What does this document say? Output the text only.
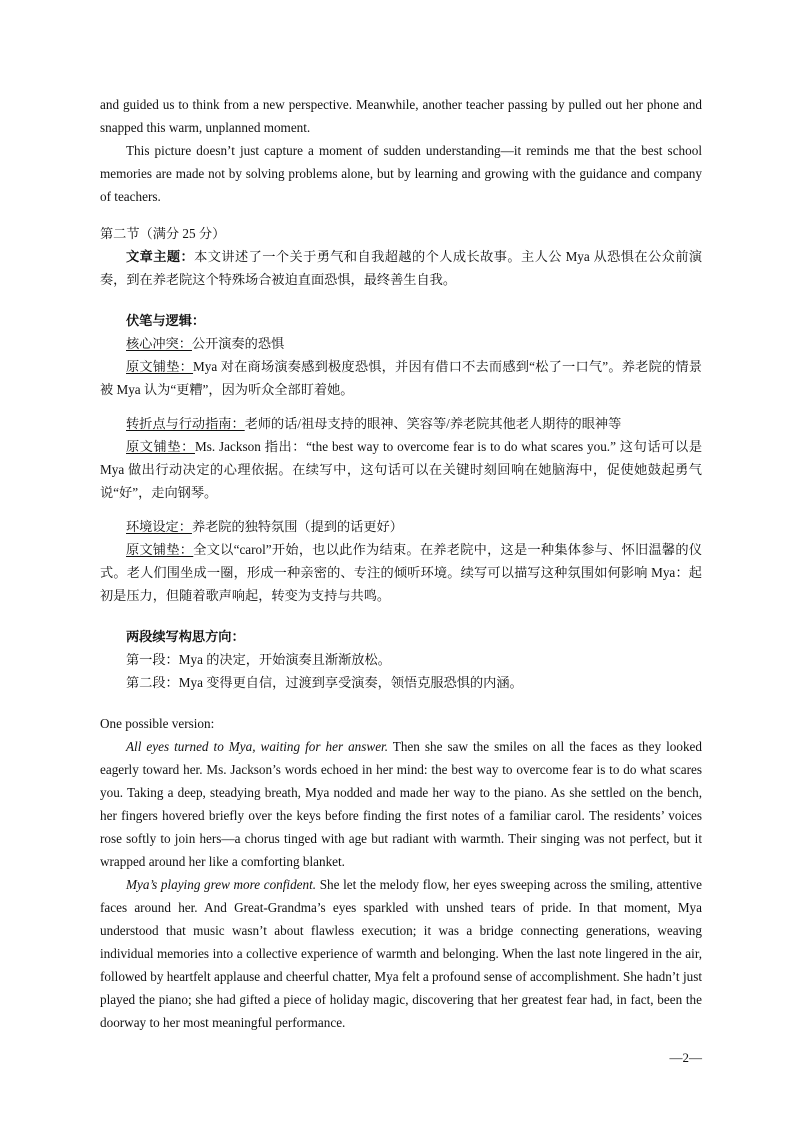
and guided us to think from a new perspective. Meanwhile, another teacher passing by pulled out her phone and snapped this warm, unplanned moment.

This picture doesn’t just capture a moment of sudden understanding—it reminds me that the best school memories are made not by solving problems alone, but by learning and growing with the guidance and company of teachers.

第二节（满分 25 分）

文章主题：本文讲述了一个关于勇气和自我超越的个人成长故事。主人公 Mya 从恐惧在公众前演奏，到在养老院这个特殊场合被迫直面恐惧，最终善生自我。

伏笔与逻辑：

核心冲突：公开演奏的恐惧

原文铺垫：Mya 对在商场演奏感到极度恐惧，并因有借口不去而感到“松了一口气”。养老院的情景被 Mya 认为“更糟”，因为听众全部盯着她。

转折点与行动指南：老师的话/祖母支持的眼神、笑容等/养老院其他老人期待的眼神等

原文铺垫：Ms. Jackson 指出：“the best way to overcome fear is to do what scares you.” 这句话可以是 Mya 做出行动决定的心理依据。在续写中，这句话可以在关键时刻回响在她脑海中，促使她鼓起勇气说“好”，走向钢琴。

环境设定：养老院的独特氛围（提到的话更好）

原文铺垫：全文以“carol”开始，也以此作为结束。在养老院中，这是一种集体参与、怀旧温馨的仪式。老人们围坐成一圈，形成一种亲密的、专注的倾听环境。续写可以描写这种氛围如何影响 Mya：起初是压力，但随着歌声响起，转变为支持与共鸣。

两段续写构思方向：

第一段：Mya 的决定，开始演奏且渐渐放松。

第二段：Mya 变得更自信，过渡到享受演奏，领悟克服恐惧的内涵。

One possible version:

All eyes turned to Mya, waiting for her answer. Then she saw the smiles on all the faces as they looked eagerly toward her. Ms. Jackson’s words echoed in her mind: the best way to overcome fear is to do what scares you. Taking a deep, steadying breath, Mya nodded and made her way to the piano. As she settled on the bench, her fingers hovered briefly over the keys before finding the first notes of a familiar carol. The residents’ voices rose softly to join hers—a chorus tinged with age but radiant with warmth. Their singing was not perfect, but it wrapped around her like a comforting blanket.

Mya’s playing grew more confident. She let the melody flow, her eyes sweeping across the smiling, attentive faces around her. And Great-Grandma’s eyes sparkled with unshed tears of pride. In that moment, Mya understood that music wasn’t about flawless execution; it was a bridge connecting generations, weaving individual memories into a collective experience of warmth and belonging. When the last note lingered in the air, followed by heartfelt applause and cheerful chatter, Mya felt a profound sense of accomplishment. She hadn’t just played the piano; she had gifted a piece of holiday magic, discovering that her greatest fear had, in fact, been the doorway to her most meaningful performance.

—2—
